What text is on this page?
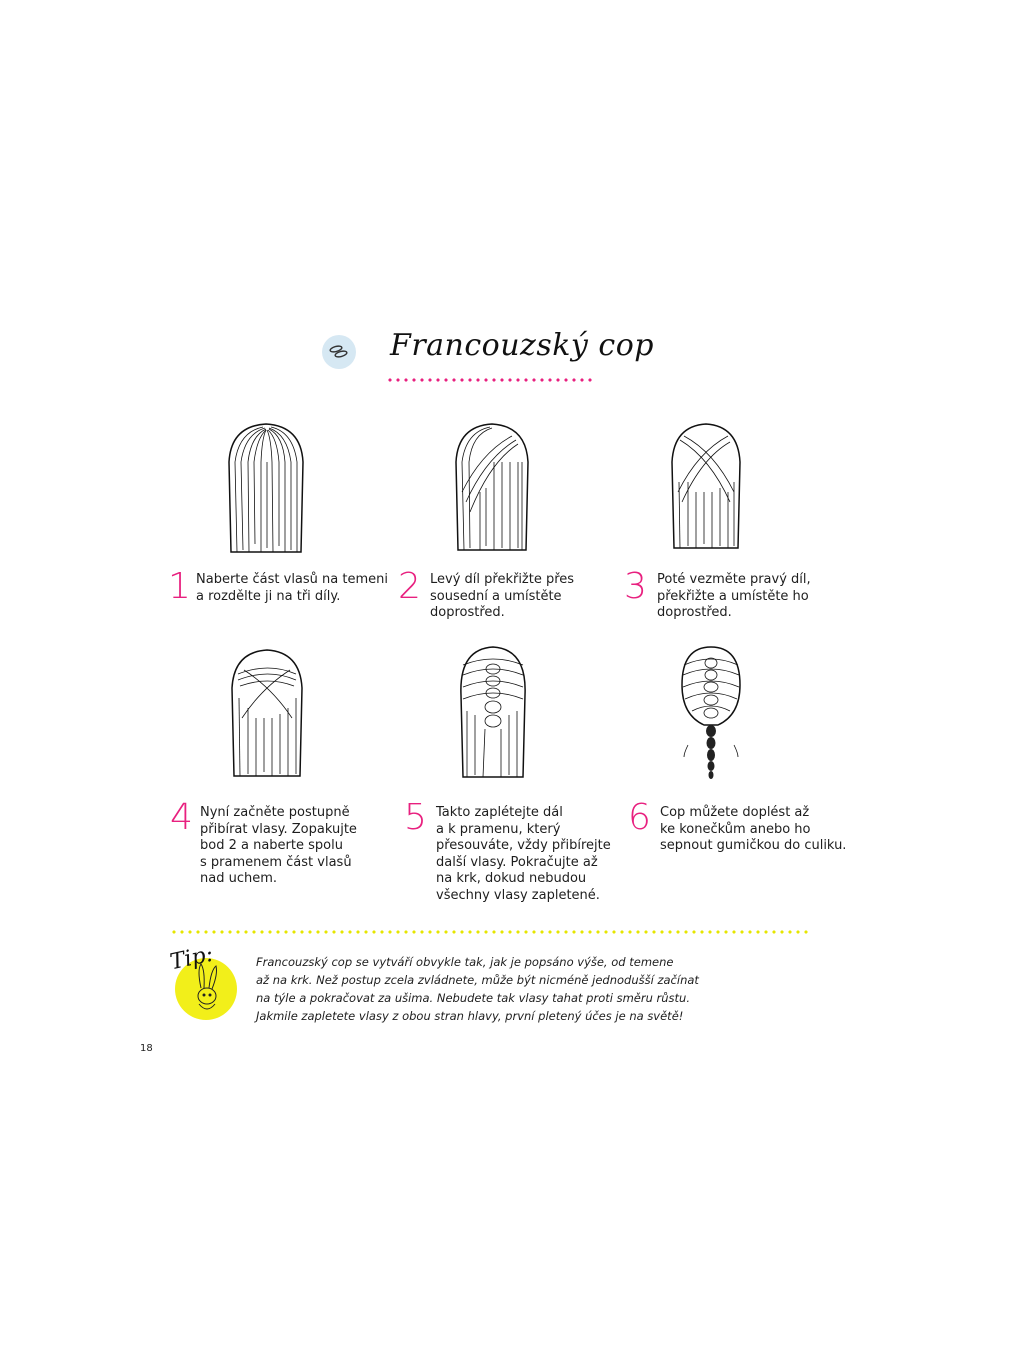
Francouzský cop
1 Naberte část vlasů na temeni
a rozdělte ji na tři díly.	2 Levý díl překřižte přes
sousední a umístěte
doprostřed.
3 Poté vezměte pravý díl,
překřižte a umístěte ho
doprostřed.
4 Nyní začněte postupně
přibírat vlasy. Zopakujte
bod 2 a naberte spolu
s pramenem část vlasů
nad uchem.
5 Takto zaplétejte dál
a k pramenu, který
přesouváte, vždy přibírejte
další vlasy. Pokračujte až
na krk, dokud nebudou
všechny vlasy zapletené.
6 Cop můžete doplést až
ke konečkům anebo ho
sepnout gumičkou do culiku.
Tip:	Francouzský cop se vytváří obvykle tak, jak je popsáno výše, od temene

až na krk. Než postup zcela zvládnete, může být nicméně jednodušší začínat

na týle a pokračovat za ušima. Nebudete tak vlasy tahat proti směru růstu.

Jakmile zapletete vlasy z obou stran hlavy, první pletený účes je na světě!

18
